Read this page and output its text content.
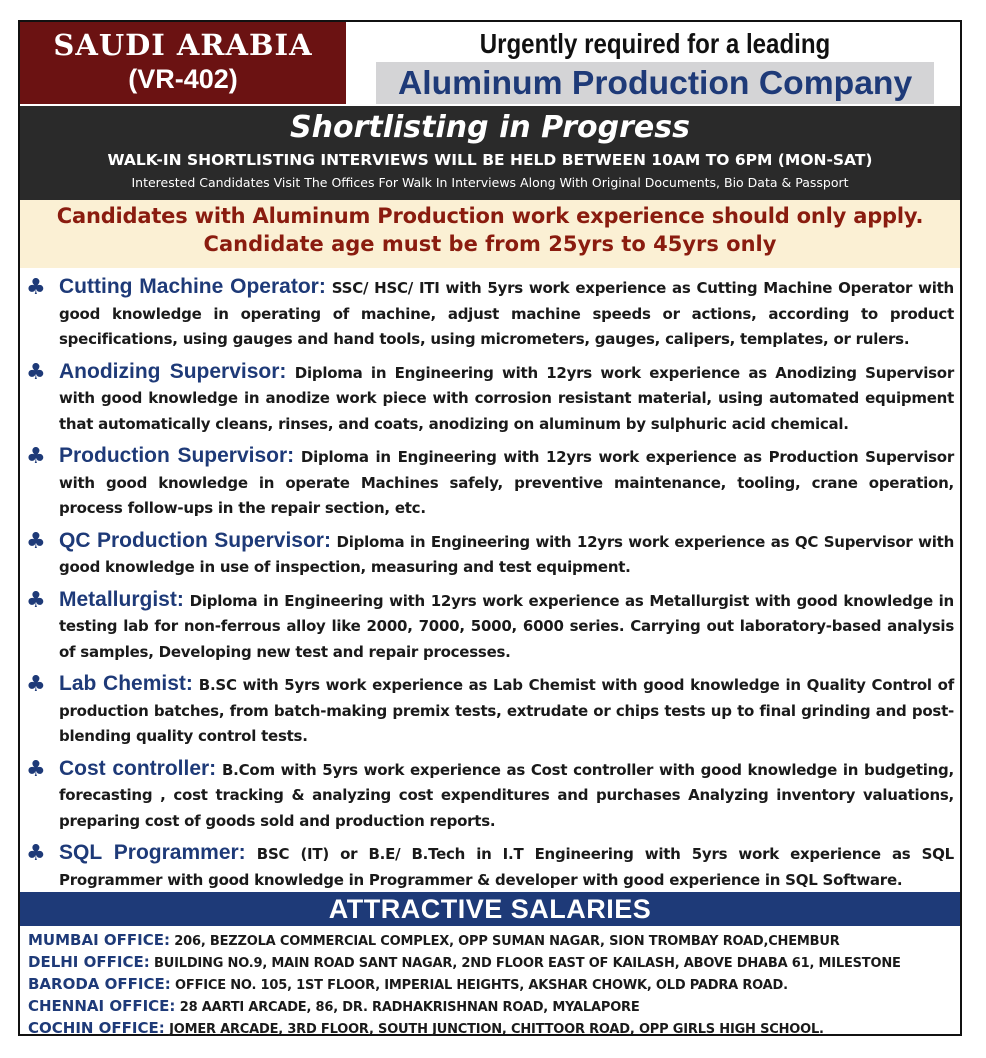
SAUDI ARABIA
(VR-402)
Urgently required for a leading
Aluminum Production Company
Shortlisting in Progress
WALK-IN SHORTLISTING INTERVIEWS WILL BE HELD BETWEEN 10AM TO 6PM (MON-SAT)
Interested Candidates Visit The Offices For Walk In Interviews Along With Original Documents, Bio Data & Passport
Candidates with Aluminum Production work experience should only apply.
Candidate age must be from 25yrs to 45yrs only
♣ Cutting Machine Operator: SSC/ HSC/ ITI with 5yrs work experience as Cutting Machine Operator with good knowledge in operating of machine, adjust machine speeds or actions, according to product specifications, using gauges and hand tools, using micrometers, gauges, calipers, templates, or rulers.
♣ Anodizing Supervisor: Diploma in Engineering with 12yrs work experience as Anodizing Supervisor with good knowledge in anodize work piece with corrosion resistant material, using automated equipment that automatically cleans, rinses, and coats, anodizing on aluminum by sulphuric acid chemical.
♣ Production Supervisor: Diploma in Engineering with 12yrs work experience as Production Supervisor with good knowledge in operate Machines safely, preventive maintenance, tooling, crane operation, process follow-ups in the repair section, etc.
♣ QC Production Supervisor: Diploma in Engineering with 12yrs work experience as QC Supervisor with good knowledge in use of inspection, measuring and test equipment.
♣ Metallurgist: Diploma in Engineering with 12yrs work experience as Metallurgist with good knowledge in testing lab for non-ferrous alloy like 2000, 7000, 5000, 6000 series. Carrying out laboratory-based analysis of samples, Developing new test and repair processes.
♣ Lab Chemist: B.SC with 5yrs work experience as Lab Chemist with good knowledge in Quality Control of production batches, from batch-making premix tests, extrudate or chips tests up to final grinding and post-blending quality control tests.
♣ Cost controller: B.Com with 5yrs work experience as Cost controller with good knowledge in budgeting, forecasting , cost tracking & analyzing cost expenditures and purchases Analyzing inventory valuations, preparing cost of goods sold and production reports.
♣ SQL Programmer: BSC (IT) or B.E/ B.Tech in I.T Engineering with 5yrs work experience as SQL Programmer with good knowledge in Programmer & developer with good experience in SQL Software.
ATTRACTIVE SALARIES
MUMBAI OFFICE: 206, BEZZOLA COMMERCIAL COMPLEX, OPP SUMAN NAGAR, SION TROMBAY ROAD,CHEMBUR
DELHI OFFICE: BUILDING NO.9, MAIN ROAD SANT NAGAR, 2ND FLOOR EAST OF KAILASH, ABOVE DHABA 61, MILESTONE
BARODA OFFICE: OFFICE NO. 105, 1ST FLOOR, IMPERIAL HEIGHTS, AKSHAR CHOWK, OLD PADRA ROAD.
CHENNAI OFFICE: 28 AARTI ARCADE, 86, DR. RADHAKRISHNAN ROAD, MYALAPORE
COCHIN OFFICE: JOMER ARCADE, 3RD FLOOR, SOUTH JUNCTION, CHITTOOR ROAD, OPP GIRLS HIGH SCHOOL.
